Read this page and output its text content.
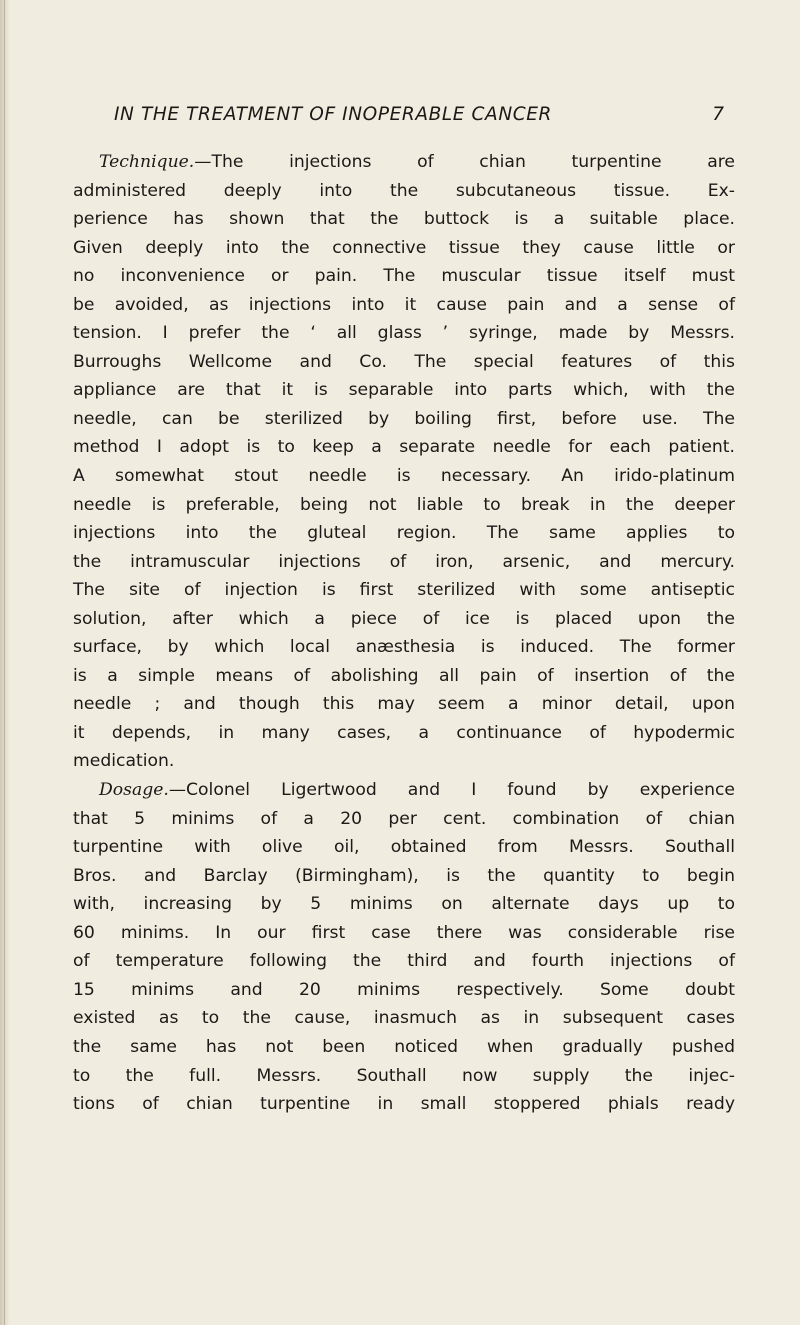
IN THE TREATMENT OF INOPERABLE CANCER	7
Technique.—The injections of chian turpentine are
administered deeply into the subcutaneous tissue. Ex-
perience has shown that the buttock is a suitable place.
Given deeply into the connective tissue they cause little or
no inconvenience or pain. The muscular tissue itself must
be avoided, as injections into it cause pain and a sense of
tension. I prefer the ‘ all glass ’ syringe, made by Messrs.
Burroughs Wellcome and Co. The special features of this
appliance are that it is separable into parts which, with the
needle, can be sterilized by boiling first, before use. The
method I adopt is to keep a separate needle for each patient.
A somewhat stout needle is necessary. An irido-platinum
needle is preferable, being not liable to break in the deeper
injections into the gluteal region. The same applies to
the intramuscular injections of iron, arsenic, and mercury.
The site of injection is first sterilized with some antiseptic
solution, after which a piece of ice is placed upon the
surface, by which local anæsthesia is induced. The former
is a simple means of abolishing all pain of insertion of the
needle ; and though this may seem a minor detail, upon
it depends, in many cases, a continuance of hypodermic
medication.
Dosage.—Colonel Ligertwood and I found by experience
that 5 minims of a 20 per cent. combination of chian
turpentine with olive oil, obtained from Messrs. Southall
Bros. and Barclay (Birmingham), is the quantity to begin
with, increasing by 5 minims on alternate days up to
60 minims. In our first case there was considerable rise
of temperature following the third and fourth injections of
15 minims and 20 minims respectively. Some doubt
existed as to the cause, inasmuch as in subsequent cases
the same has not been noticed when gradually pushed
to the full. Messrs. Southall now supply the injec-
tions of chian turpentine in small stoppered phials ready
